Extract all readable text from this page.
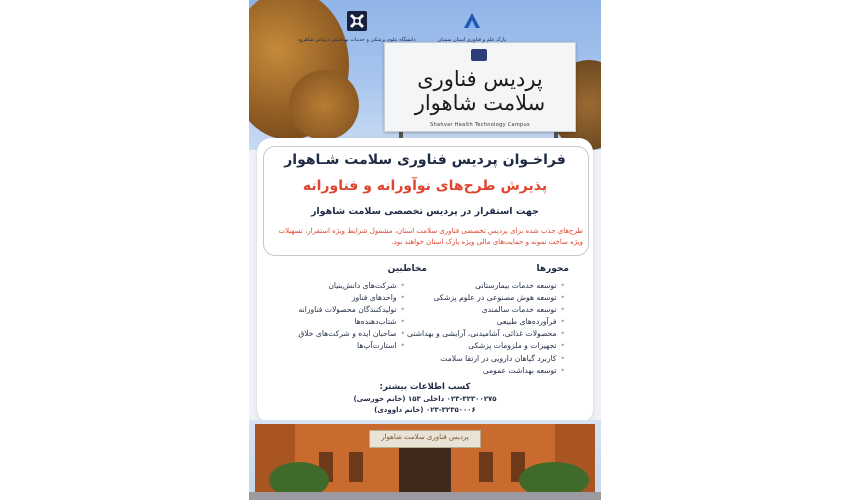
پردیس فناوری سلامت شاهوار
Shahvar Health Technology Campus
دانشگاه علوم پزشکی و خدمات بهداشتی درمانی شاهرود	پارک علم و فناوری استان سمنان
فراخـوان پردیس فناوری سلامت شـاهوار
پذیرش طرح‌های نوآورانه و فناورانه
جهت استقرار در پردیس تخصصی سلامت شاهوار
طرح‌های جذب شده برای پردیس تخصصی فناوری سلامت استان، مشمول شرایط ویژه استقرار، تسهیلات ویژه ساخت نمونه و حمایت‌های مالی ویژه پارک استان خواهند بود.
محورها
• توسعه خدمات بیمارستانی
• توسعه هوش مصنوعی در علوم پزشکی
• توسعه خدمات سالمندی
• فرآورده‌های طبیعی
• محصولات غذائی، آشامیدنی، آرایشی و بهداشتی
• تجهیزات و ملزومات پزشکی
• کاربرد گیاهان دارویی در ارتقا سلامت
• توسعه بهداشت عمومی
مخاطبین
• شرکت‌های دانش‌بنیان
• واحدهای فناور
• تولیدکنندگان محصولات فناورانه
• شتاب‌دهنده‌ها
• صاحبان ایده و شرکت‌های خلاق
• استارت‌آپ‌ها
کسب اطلاعات بیشتر:
۰۲۳-۳۲۳۰۰۲۷۵ داخلی ۱۵۳ (خانم خورسی)
۰۲۳-۳۲۳۵۰۰۰۶ (خانم داوودی)
پردیس فناوری سلامت شاهوار
